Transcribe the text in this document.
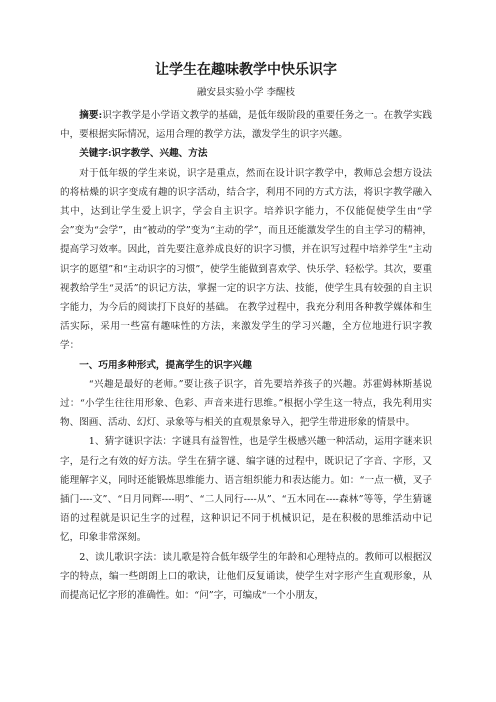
让学生在趣味教学中快乐识字
融安县实验小学 李醒枝

摘要:识字教学是小学语文教学的基础，是低年级阶段的重要任务之一。在教学实践中，要根据实际情况，运用合理的教学方法，激发学生的识字兴趣。

关键字:识字教学、兴趣、方法

对于低年级的学生来说，识字是重点，然而在设计识字教学中，教师总会想方设法的将枯燥的识字变成有趣的识字活动，结合字，利用不同的方式方法，将识字教学融入其中，达到让学生爱上识字，学会自主识字。培养识字能力，不仅能促使学生由“学会”变为“会学”，由“被动的学”变为“主动的学”，而且还能激发学生的自主学习的精神，提高学习效率。因此，首先要注意养成良好的识字习惯，并在识写过程中培养学生“主动识字的愿望”和“主动识字的习惯”，使学生能做到喜欢学、快乐学、轻松学。其次，要重视教给学生“灵活”的识记方法，掌握一定的识字方法、技能，使学生具有较强的自主识字能力，为今后的阅读打下良好的基础。 在教学过程中，我充分利用各种教学媒体和生活实际，采用一些富有趣味性的方法，来激发学生的学习兴趣，全方位地进行识字教学：

一、巧用多种形式，提高学生的识字兴趣

“兴趣是最好的老师。”要让孩子识字，首先要培养孩子的兴趣。苏霍姆林斯基说过：“小学生往往用形象、色彩、声音来进行思维。”根据小学生这一特点，我先利用实物、图画、活动、幻灯、录象等与相关的直观景象导入，把学生带进形象的情景中。

1、猜字谜识字法：字谜具有益智性，也是学生极感兴趣一种活动，运用字谜来识字，是行之有效的好方法。学生在猜字谜、编字谜的过程中，既识记了字音、字形，又能理解字义，同时还能锻炼思维能力、语言组织能力和表达能力。如：“一点一横，叉子插门----文”、“日月同辉----明”、“二人同行----从”、“五木同在----森林”等等，学生猜谜语的过程就是识记生字的过程，这种识记不同于机械识记，是在积极的思维活动中记忆，印象非常深刻。

2、读儿歌识字法：读儿歌是符合低年级学生的年龄和心理特点的。教师可以根据汉字的特点，编一些朗朗上口的歌诀，让他们反复诵读，使学生对字形产生直观形象，从而提高记忆字形的准确性。如：“问”字，可编成“一个小朋友，
